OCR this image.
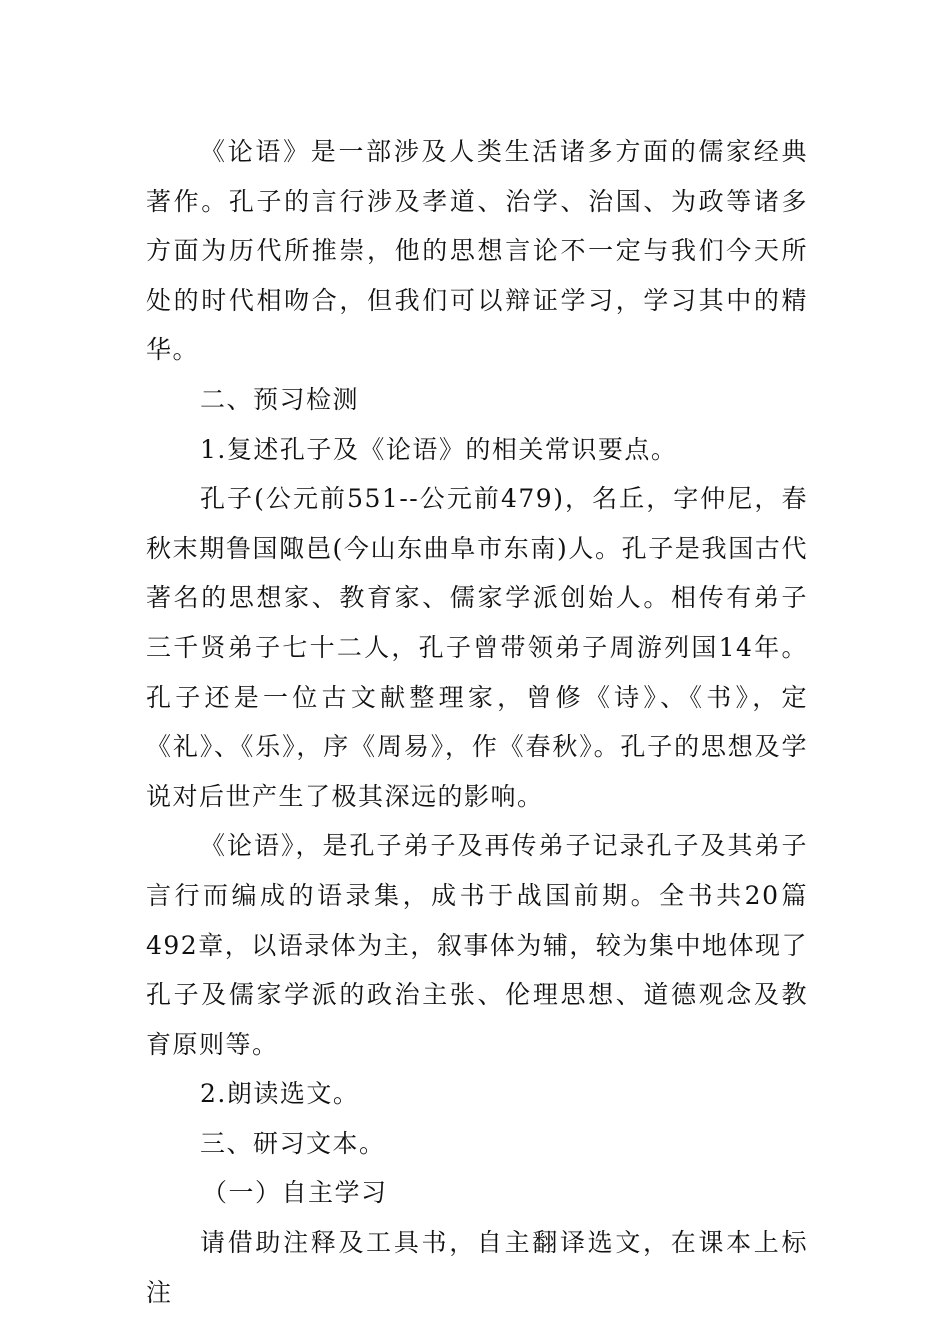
《论语》是一部涉及人类生活诸多方面的儒家经典著作。孔子的言行涉及孝道、治学、治国、为政等诸多方面为历代所推崇，他的思想言论不一定与我们今天所处的时代相吻合，但我们可以辩证学习，学习其中的精华。

二、预习检测

1.复述孔子及《论语》的相关常识要点。

孔子(公元前551--公元前479)，名丘，字仲尼，春秋末期鲁国陬邑(今山东曲阜市东南)人。孔子是我国古代著名的思想家、教育家、儒家学派创始人。相传有弟子三千贤弟子七十二人，孔子曾带领弟子周游列国14年。孔子还是一位古文献整理家，曾修《诗》、《书》，定《礼》、《乐》，序《周易》，作《春秋》。孔子的思想及学说对后世产生了极其深远的影响。

《论语》，是孔子弟子及再传弟子记录孔子及其弟子言行而编成的语录集，成书于战国前期。全书共20篇492章，以语录体为主，叙事体为辅，较为集中地体现了孔子及儒家学派的政治主张、伦理思想、道德观念及教育原则等。

2.朗读选文。

三、研习文本。

（一）自主学习

请借助注释及工具书，自主翻译选文，在课本上标注
